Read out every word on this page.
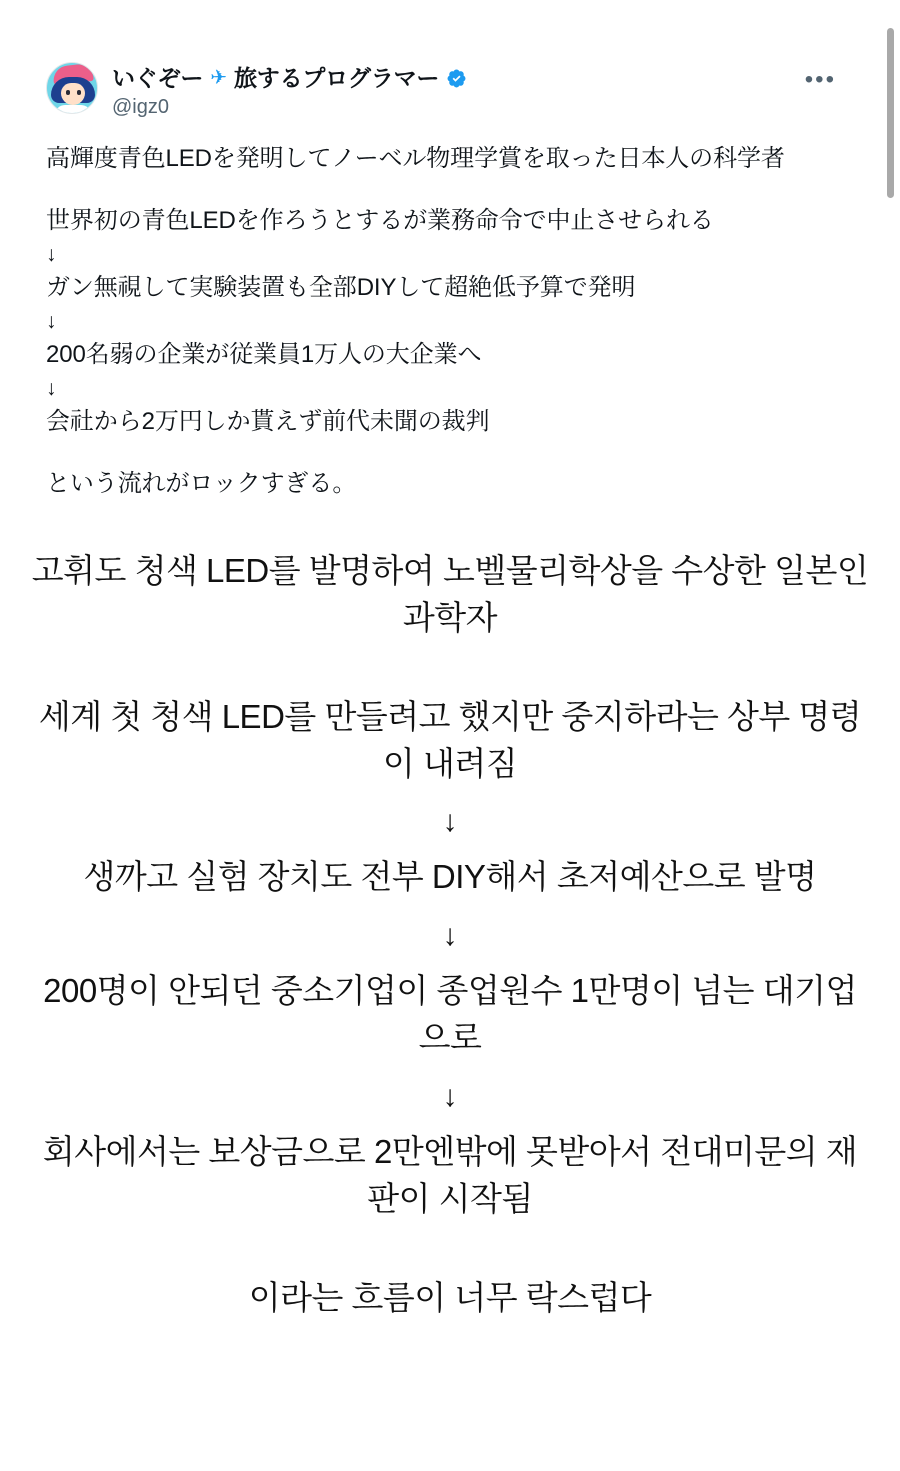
いぐぞー ✈ 旅するプログラマー
@igz0
•••

高輝度青色LEDを発明してノーベル物理学賞を取った日本人の科学者

世界初の青色LEDを作ろうとするが業務命令で中止させられる

↓

ガン無視して実験装置も全部DIYして超絶低予算で発明

↓

200名弱の企業が従業員1万人の大企業へ

↓

会社から2万円しか貰えず前代未聞の裁判

という流れがロックすぎる。

고휘도 청색 LED를 발명하여 노벨물리학상을 수상한 일본인 과학자
세계 첫 청색 LED를 만들려고 했지만 중지하라는 상부 명령이 내려짐
↓
생까고 실험 장치도 전부 DIY해서 초저예산으로 발명
↓
200명이 안되던 중소기업이 종업원수 1만명이 넘는 대기업으로
↓
회사에서는 보상금으로 2만엔밖에 못받아서 전대미문의 재판이 시작됨
이라는 흐름이 너무 락스럽다
